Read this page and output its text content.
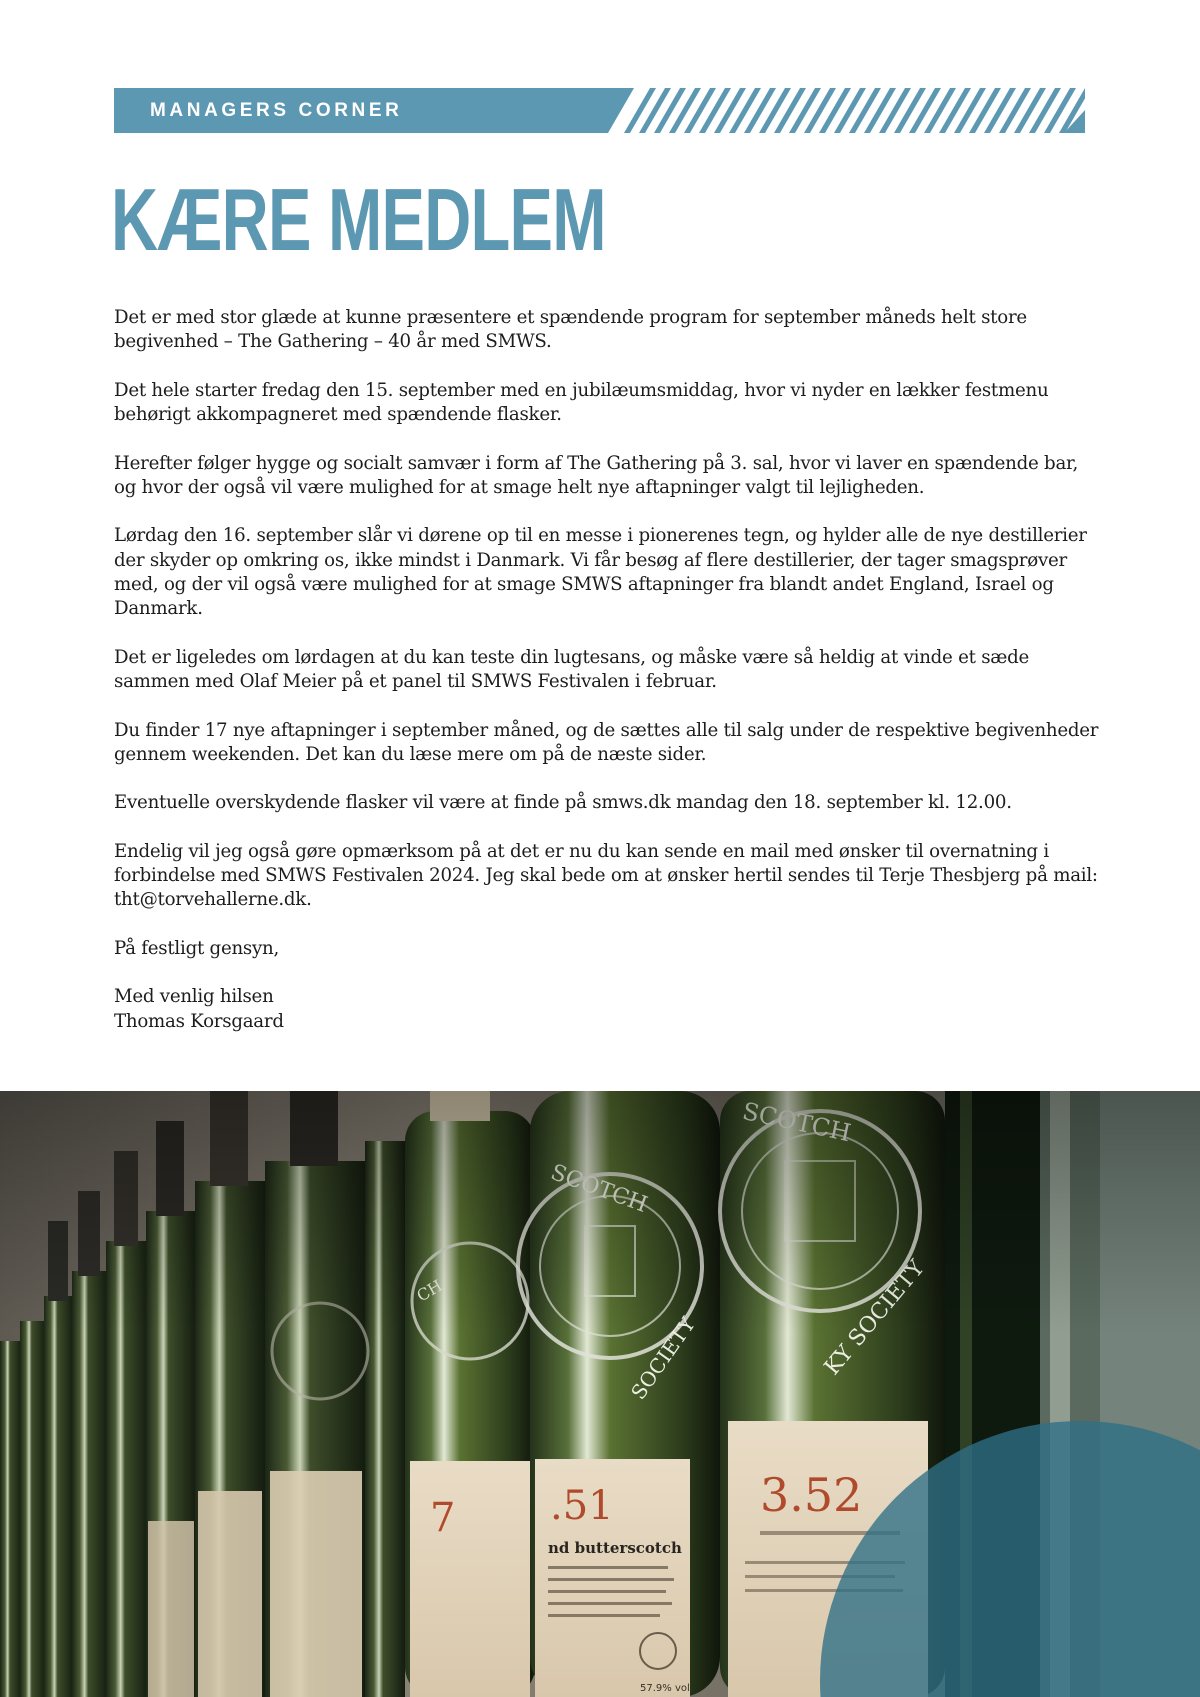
MANAGERS CORNER
KÆRE MEDLEM

Det er med stor glæde at kunne præsentere et spændende program for september måneds helt store begivenhed – The Gathering – 40 år med SMWS.

Det hele starter fredag den 15. september med en jubilæumsmiddag, hvor vi nyder en lækker festmenu behørigt akkompagneret med spændende flasker.

Herefter følger hygge og socialt samvær i form af The Gathering på 3. sal, hvor vi laver en spændende bar, og hvor der også vil være mulighed for at smage helt nye aftapninger valgt til lejligheden.

Lørdag den 16. september slår vi dørene op til en messe i pionerenes tegn, og hylder alle de nye destillerier der skyder op omkring os, ikke mindst i Danmark. Vi får besøg af flere destillerier, der tager smagsprøver med, og der vil også være mulighed for at smage SMWS aftapninger fra blandt andet England, Israel og Danmark.

Det er ligeledes om lørdagen at du kan teste din lugtesans, og måske være så heldig at vinde et sæde sammen med Olaf Meier på et panel til SMWS Festivalen i februar.

Du finder 17 nye aftapninger i september måned, og de sættes alle til salg under de respektive begivenheder gennem weekenden. Det kan du læse mere om på de næste sider.

Eventuelle overskydende flasker vil være at finde på smws.dk mandag den 18. september kl. 12.00.

Endelig vil jeg også gøre opmærksom på at det er nu du kan sende en mail med ønsker til overnatning i forbindelse med SMWS Festivalen 2024. Jeg skal bede om at ønsker hertil sendes til Terje Thesbjerg på mail: tht@torvehallerne.dk.

På festligt gensyn,

Med venlig hilsen

Thomas Korsgaard
